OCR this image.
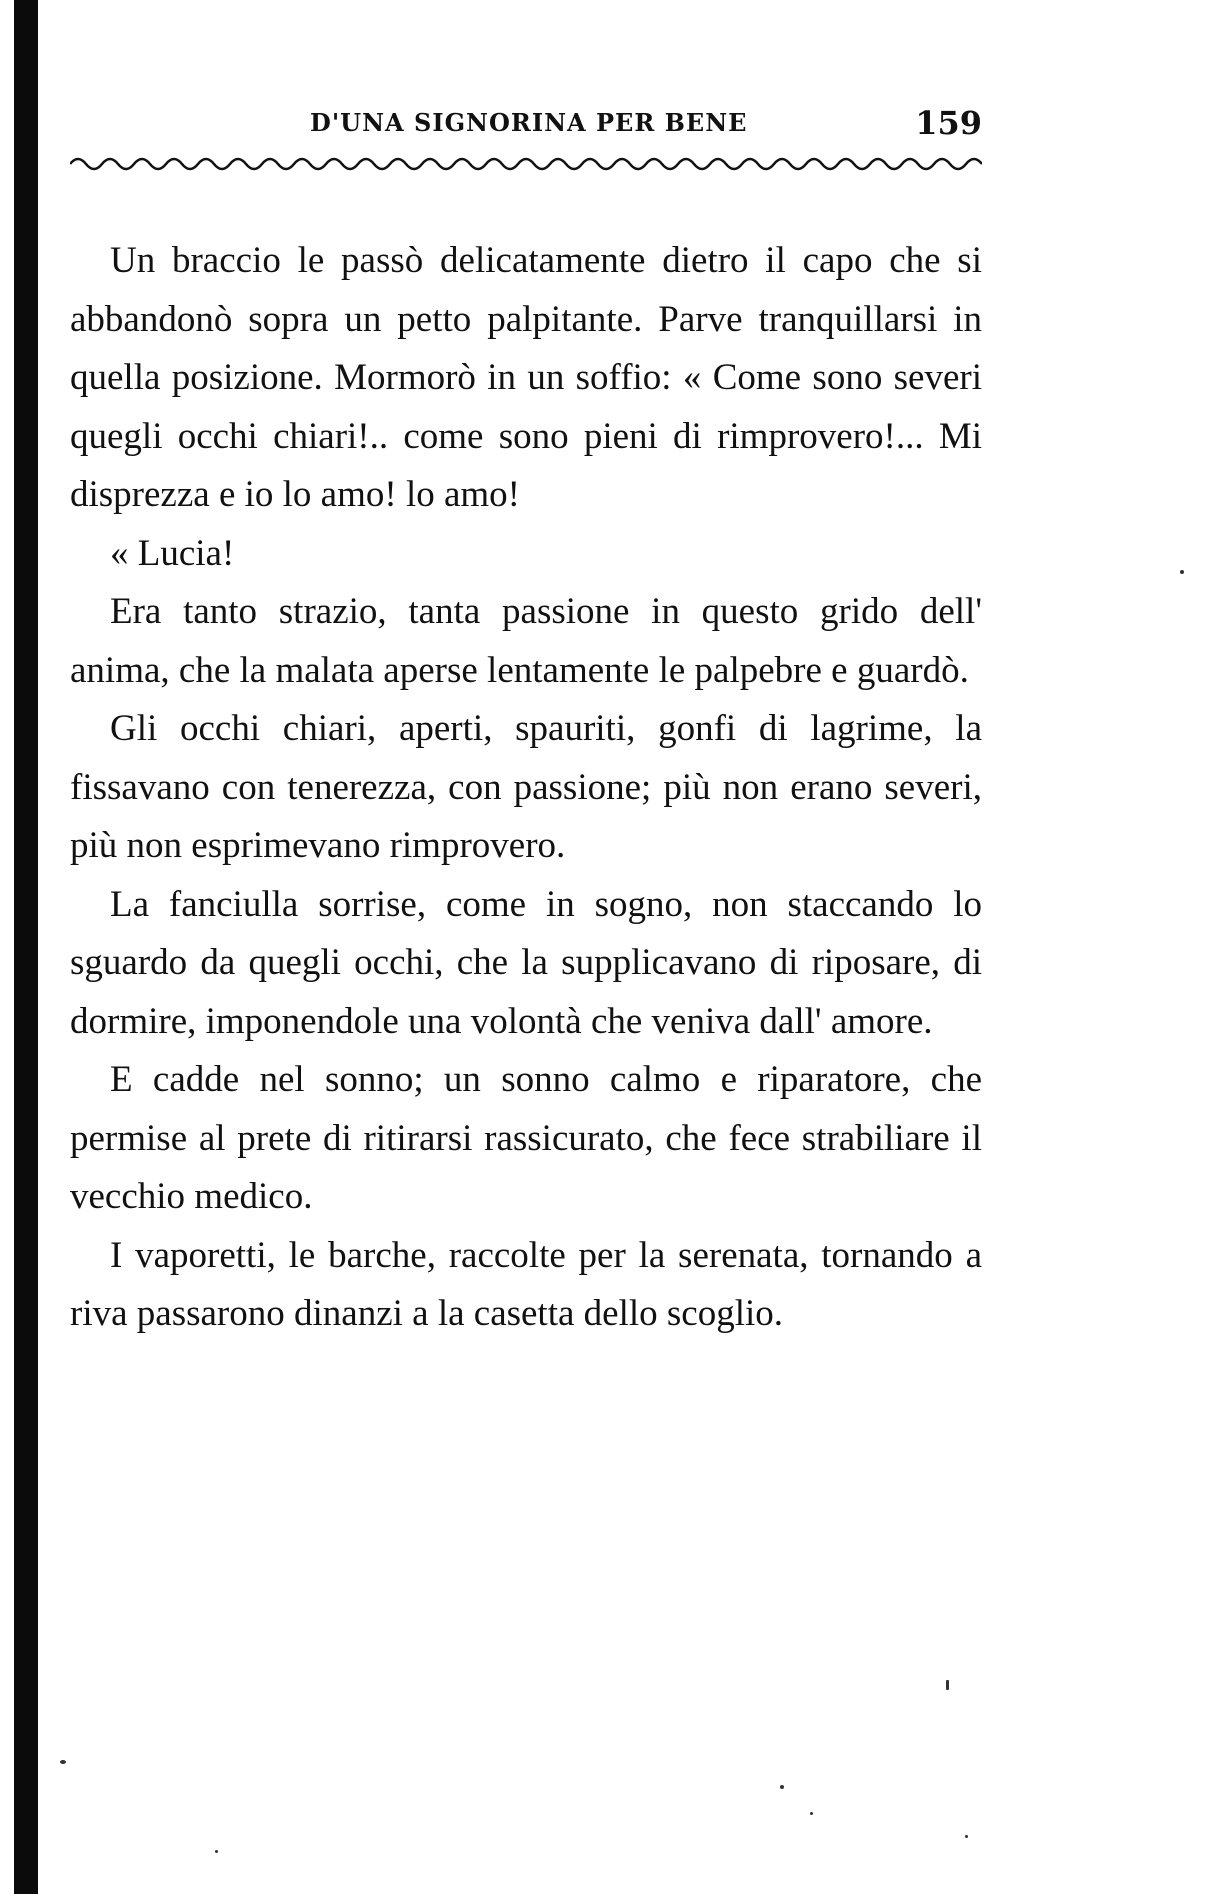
D'UNA SIGNORINA PER BENE	159

Un braccio le passò delicatamente dietro il capo che si abbandonò sopra un petto palpitante. Parve tranquillarsi in quella posizione. Mormorò in un soffio: « Come sono severi quegli occhi chiari!.. come sono pieni di rimprovero!... Mi disprezza e io lo amo! lo amo!

« Lucia!

Era tanto strazio, tanta passione in questo grido dell' anima, che la malata aperse lentamente le palpebre e guardò.

Gli occhi chiari, aperti, spauriti, gonfi di lagrime, la fissavano con tenerezza, con passione; più non erano severi, più non esprimevano rimprovero.

La fanciulla sorrise, come in sogno, non staccando lo sguardo da quegli occhi, che la supplicavano di riposare, di dormire, imponendole una volontà che veniva dall' amore.

E cadde nel sonno; un sonno calmo e riparatore, che permise al prete di ritirarsi rassicurato, che fece strabiliare il vecchio medico.

I vaporetti, le barche, raccolte per la serenata, tornando a riva passarono dinanzi a la casetta dello scoglio.
